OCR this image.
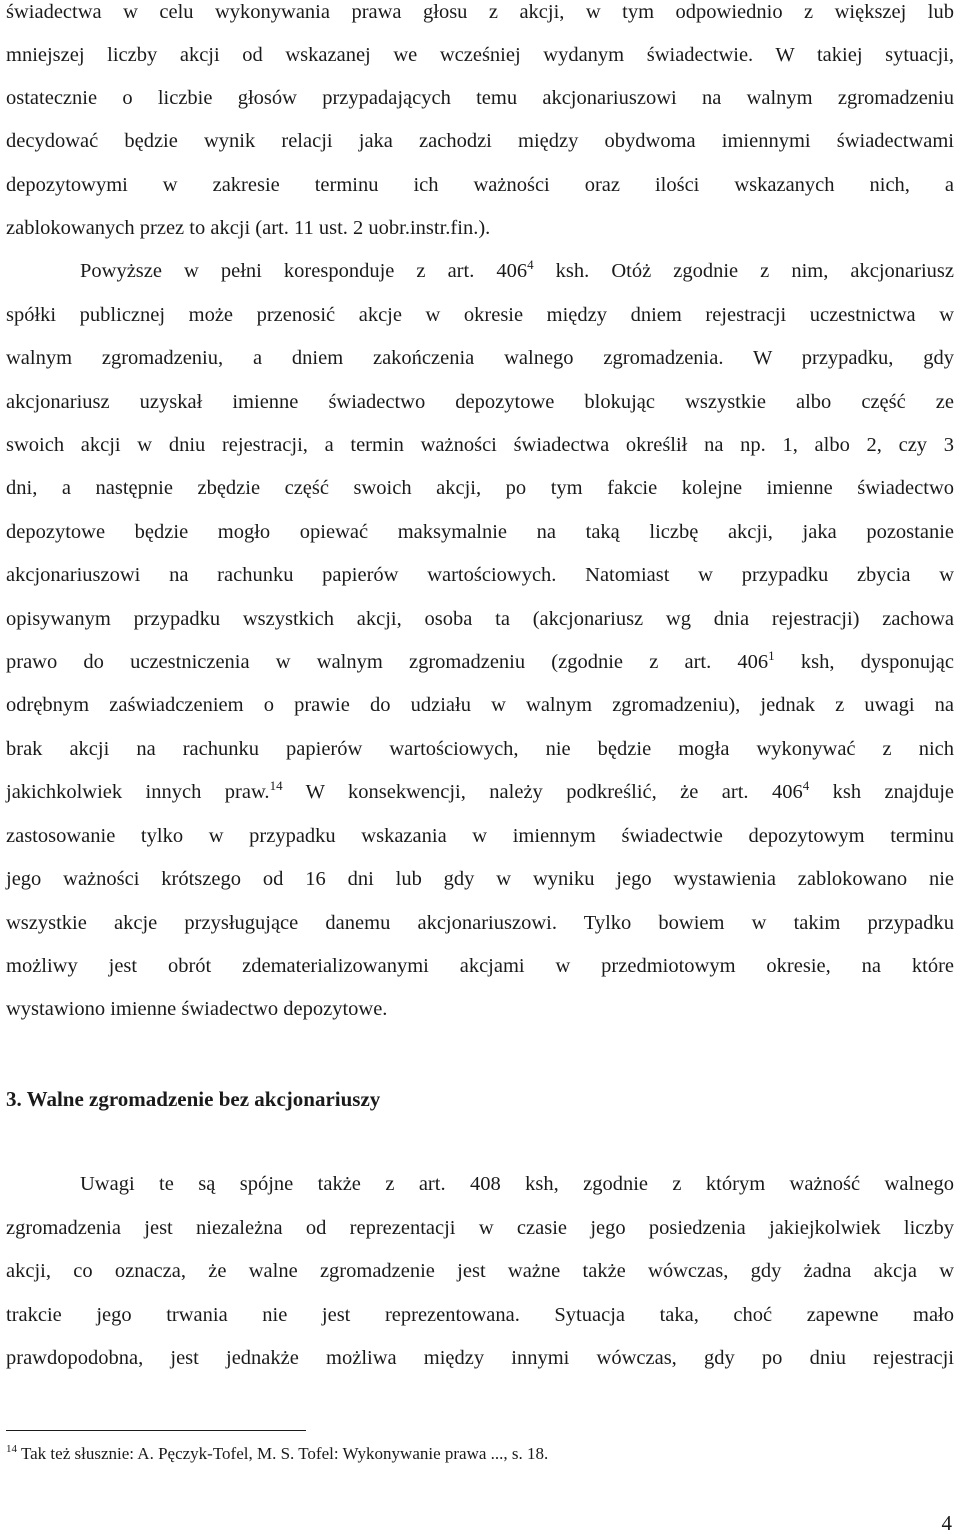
świadectwa w celu wykonywania prawa głosu z akcji, w tym odpowiednio z większej lub
mniejszej liczby akcji od wskazanej we wcześniej wydanym świadectwie. W takiej sytuacji,
ostatecznie o liczbie głosów przypadających temu akcjonariuszowi na walnym zgromadzeniu
decydować będzie wynik relacji jaka zachodzi między obydwoma imiennymi świadectwami
depozytowymi w zakresie terminu ich ważności oraz ilości wskazanych nich, a
zablokowanych przez to akcji (art. 11 ust. 2 uobr.instr.fin.).
Powyższe w pełni koresponduje z art. $406^4$ ksh. Otóż zgodnie z nim, akcjonariusz
spółki publicznej może przenosić akcje w okresie między dniem rejestracji uczestnictwa w
walnym zgromadzeniu, a dniem zakończenia walnego zgromadzenia. W przypadku, gdy
akcjonariusz uzyskał imienne świadectwo depozytowe blokując wszystkie albo część ze
swoich akcji w dniu rejestracji, a termin ważności świadectwa określił na np. 1, albo 2, czy 3
dni, a następnie zbędzie część swoich akcji, po tym fakcie kolejne imienne świadectwo
depozytowe będzie mogło opiewać maksymalnie na taką liczbę akcji, jaka pozostanie
akcjonariuszowi na rachunku papierów wartościowych. Natomiast w przypadku zbycia w
opisywanym przypadku wszystkich akcji, osoba ta (akcjonariusz wg dnia rejestracji) zachowa
prawo do uczestniczenia w walnym zgromadzeniu (zgodnie z art. $406^1$ ksh, dysponując
odrębnym zaświadczeniem o prawie do udziału w walnym zgromadzeniu), jednak z uwagi na
brak akcji na rachunku papierów wartościowych, nie będzie mogła wykonywać z nich
jakichkolwiek innych praw.$^{14}$ W konsekwencji, należy podkreślić, że art. $406^4$ ksh znajduje
zastosowanie tylko w przypadku wskazania w imiennym świadectwie depozytowym terminu
jego ważności krótszego od 16 dni lub gdy w wyniku jego wystawienia zablokowano nie
wszystkie akcje przysługujące danemu akcjonariuszowi. Tylko bowiem w takim przypadku
możliwy jest obrót zdematerializowanymi akcjami w przedmiotowym okresie, na które
wystawiono imienne świadectwo depozytowe.
3. Walne zgromadzenie bez akcjonariuszy
Uwagi te są spójne także z art. 408 ksh, zgodnie z którym ważność walnego
zgromadzenia jest niezależna od reprezentacji w czasie jego posiedzenia jakiejkolwiek liczby
akcji, co oznacza, że walne zgromadzenie jest ważne także wówczas, gdy żadna akcja w
trakcie jego trwania nie jest reprezentowana. Sytuacja taka, choć zapewne mało
prawdopodobna, jest jednakże możliwa między innymi wówczas, gdy po dniu rejestracji
$^{14}$ Tak też słusznie: A. Pęczyk-Tofel, M. S. Tofel: Wykonywanie prawa ..., s. 18.
4
